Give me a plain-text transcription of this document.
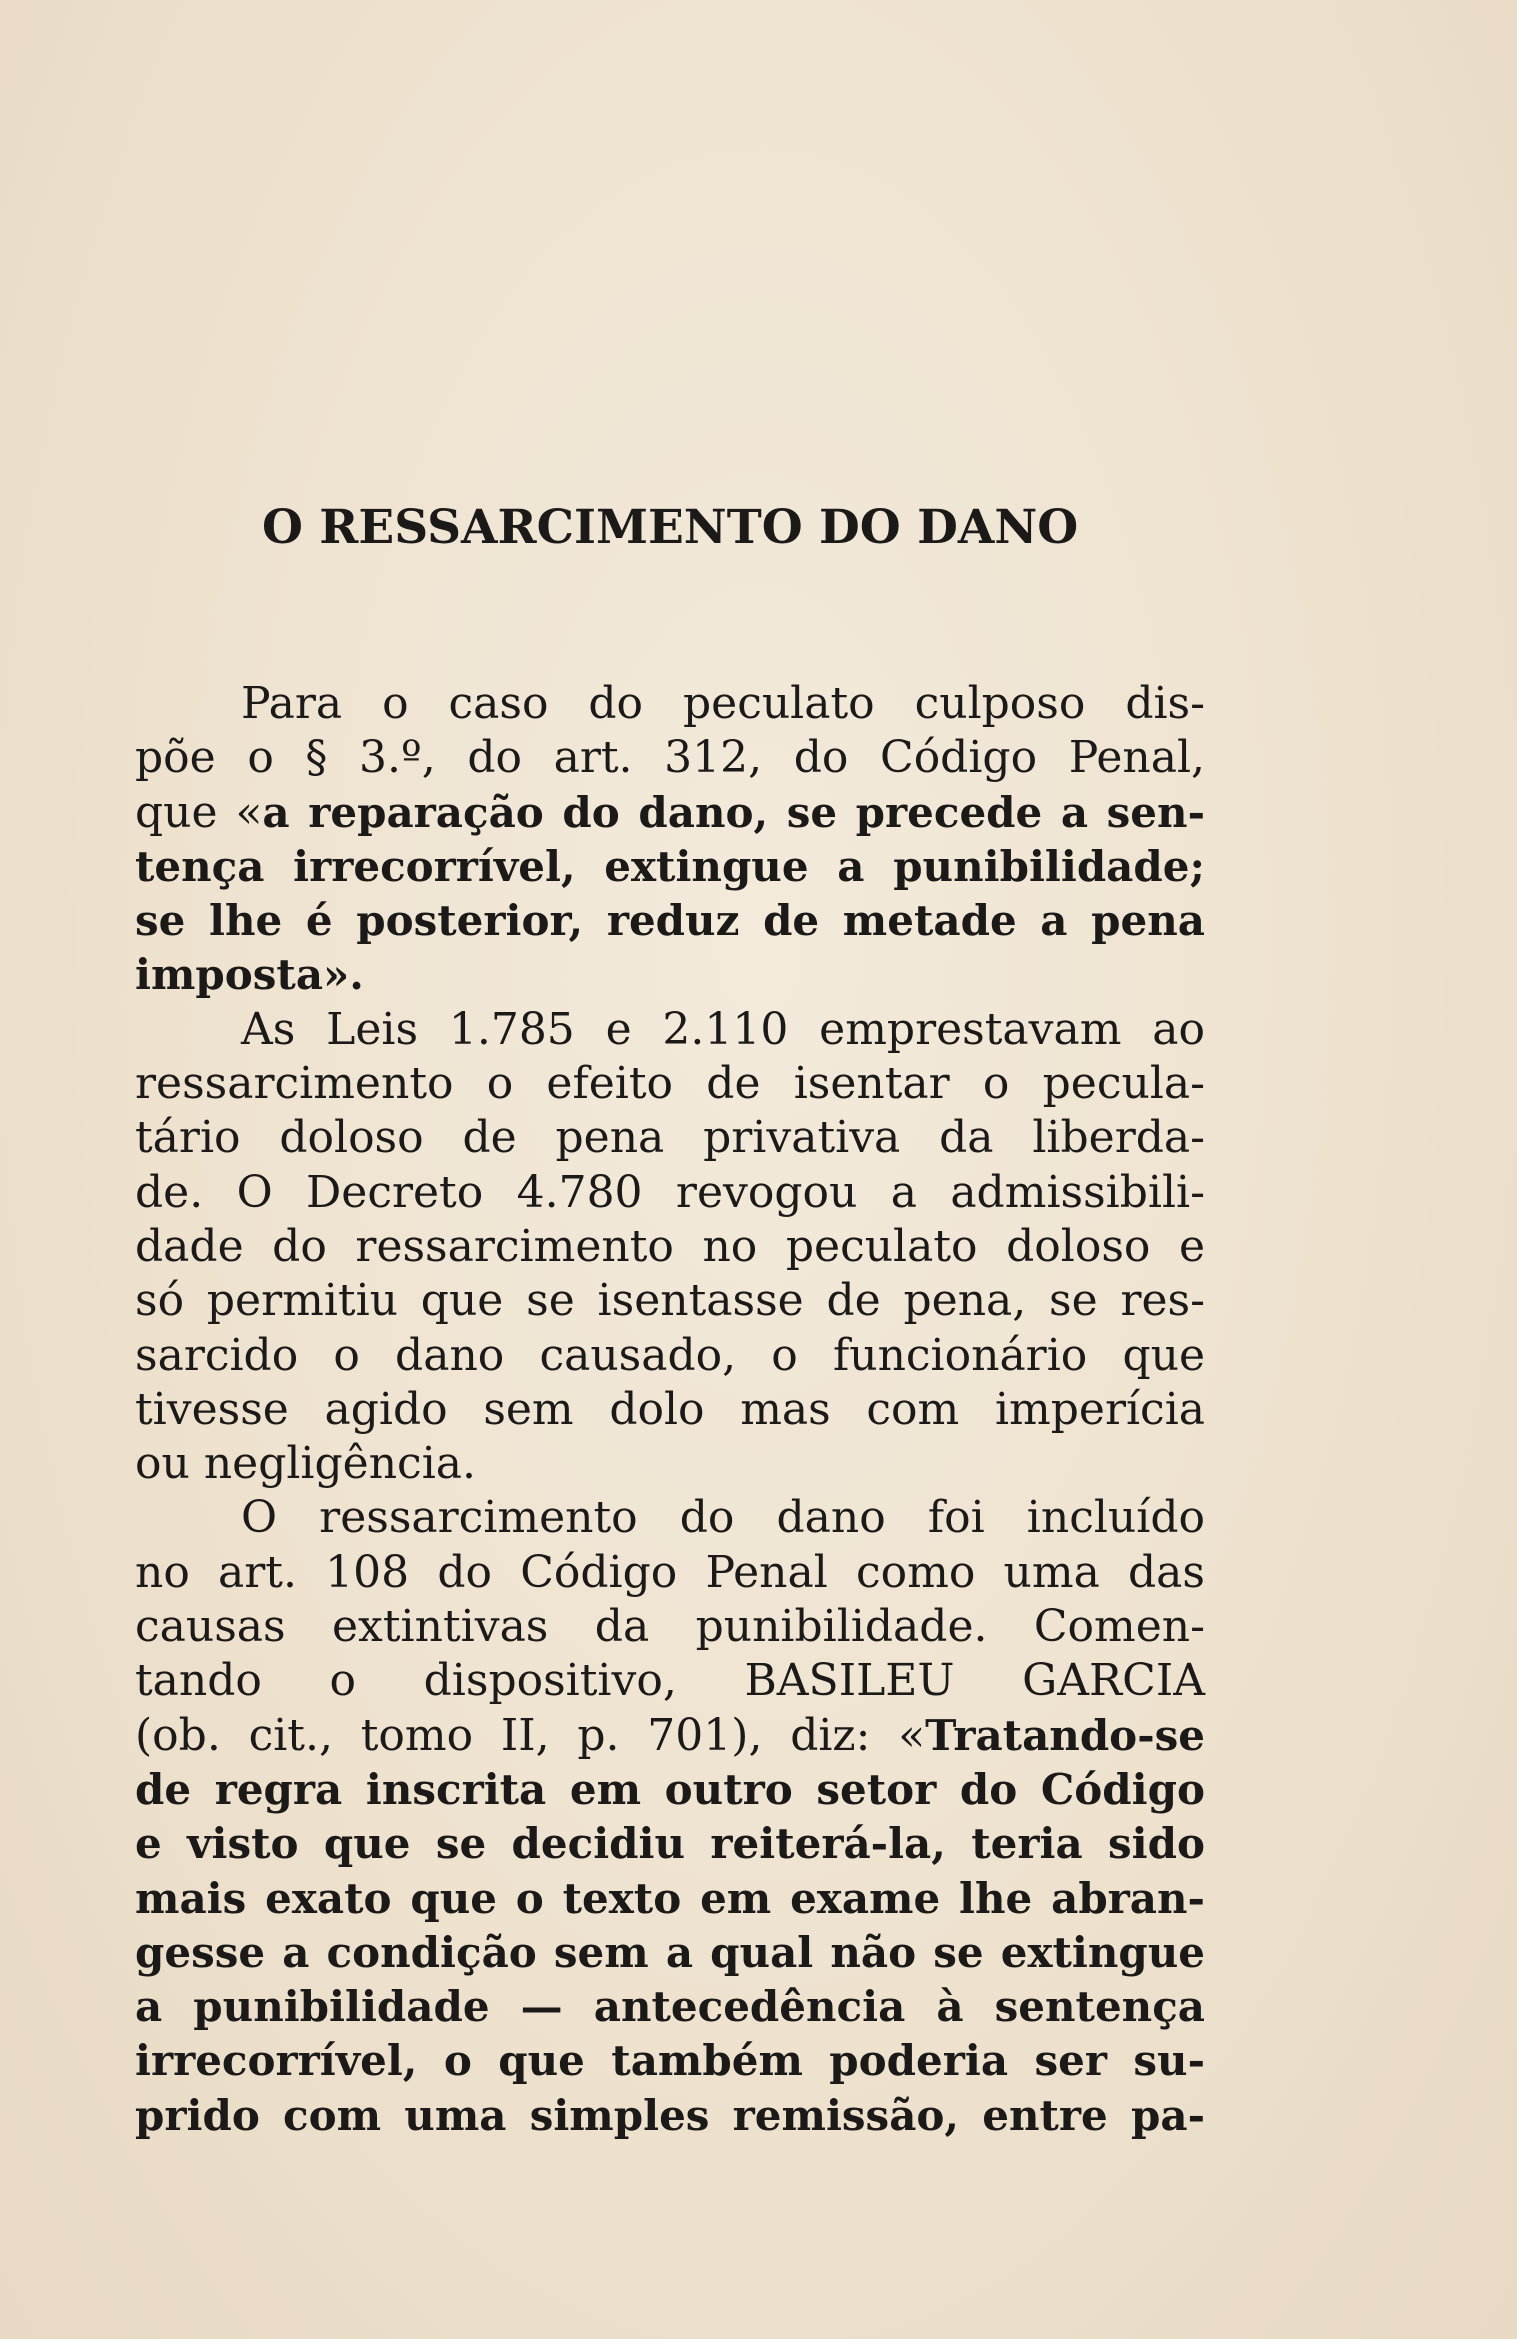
O RESSARCIMENTO DO DANO

Para o caso do peculato culposo dis-
põe o § 3.º, do art. 312, do Código Penal,
que «a reparação do dano, se precede a sen-
tença irrecorrível, extingue a punibilidade;
se lhe é posterior, reduz de metade a pena
imposta».

As Leis 1.785 e 2.110 emprestavam ao
ressarcimento o efeito de isentar o pecula-
tário doloso de pena privativa da liberda-
de. O Decreto 4.780 revogou a admissibili-
dade do ressarcimento no peculato doloso e
só permitiu que se isentasse de pena, se res-
sarcido o dano causado, o funcionário que
tivesse agido sem dolo mas com imperícia
ou negligência.

O ressarcimento do dano foi incluído
no art. 108 do Código Penal como uma das
causas extintivas da punibilidade. Comen-
tando o dispositivo, BASILEU GARCIA
(ob. cit., tomo II, p. 701), diz: «Tratando-se
de regra inscrita em outro setor do Código
e visto que se decidiu reiterá-la, teria sido
mais exato que o texto em exame lhe abran-
gesse a condição sem a qual não se extingue
a punibilidade — antecedência à sentença
irrecorrível, o que também poderia ser su-
prido com uma simples remissão, entre pa-
